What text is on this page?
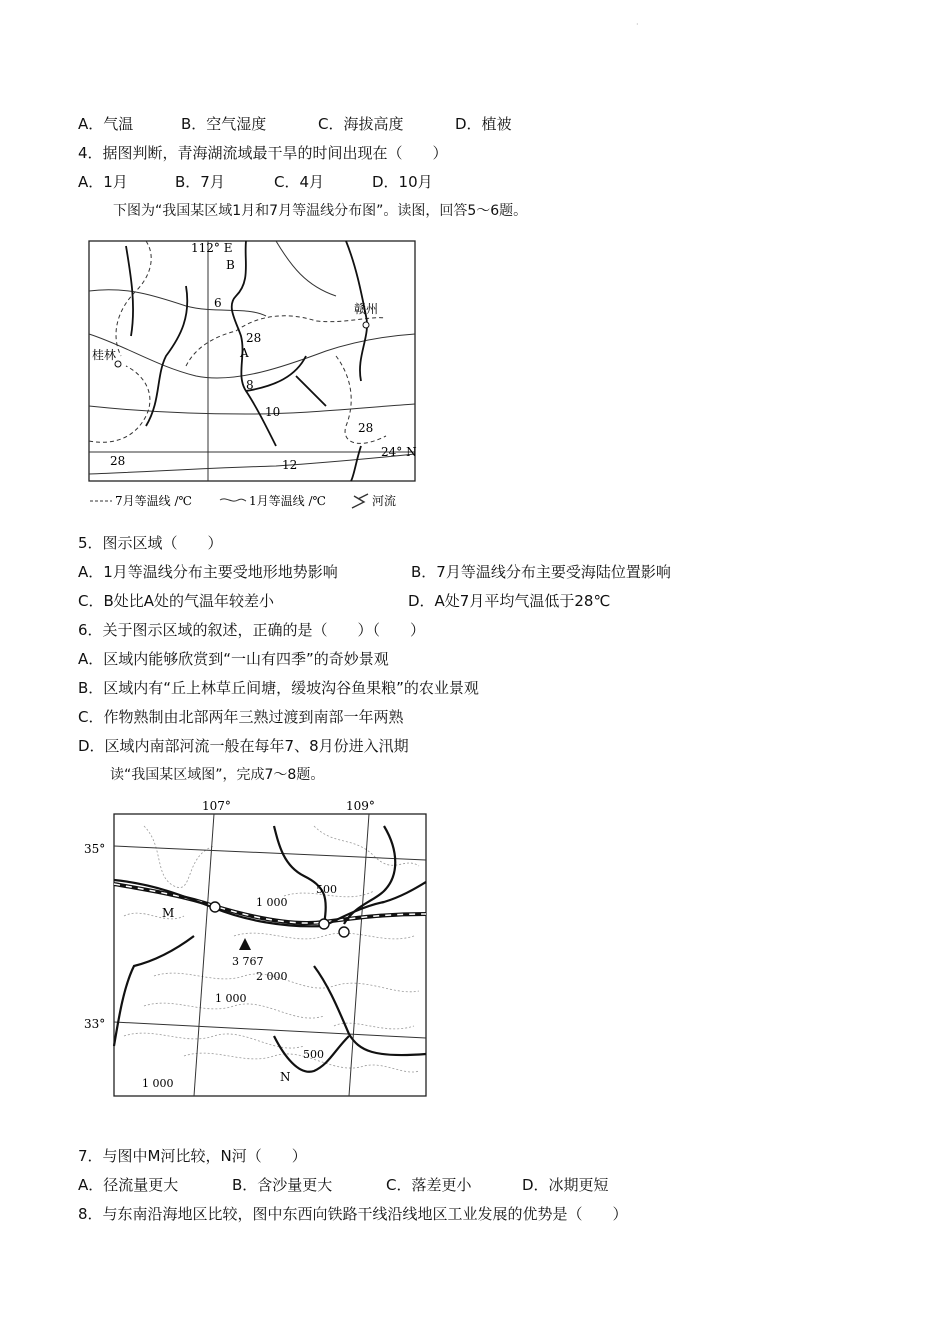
·
A．气温	B．空气湿度	C．海拔高度	D．植被
4．据图判断，青海湖流域最干旱的时间出现在（　　）
A．1月	B．7月	C．4月	D．10月
下图为“我国某区域1月和7月等温线分布图”。读图，回答5～6题。
112° E
B
A
赣州
桂林
6
8
10
12
28
28
28
24° N
7月等温线 /℃	1月等温线 /℃	河流
5．图示区域（　　）
A．1月等温线分布主要受地形地势影响	B．7月等温线分布主要受海陆位置影响
C．B处比A处的气温年较差小	D．A处7月平均气温低于28℃
6．关于图示区域的叙述，正确的是（　　）（　　）
A．区域内能够欣赏到“一山有四季”的奇妙景观
B．区域内有“丘上林草丘间塘，缓坡沟谷鱼果粮”的农业景观
C．作物熟制由北部两年三熟过渡到南部一年两熟
D．区域内南部河流一般在每年7、8月份进入汛期
读“我国某区域图”，完成7～8题。
107°	109°
35°
33°
M
N
3 767
1 000
500
2 000
1 000
500
1 000
7．与图中M河比较，N河（　　）
A．径流量更大	B．含沙量更大	C．落差更小	D．冰期更短
8．与东南沿海地区比较，图中东西向铁路干线沿线地区工业发展的优势是（　　）
